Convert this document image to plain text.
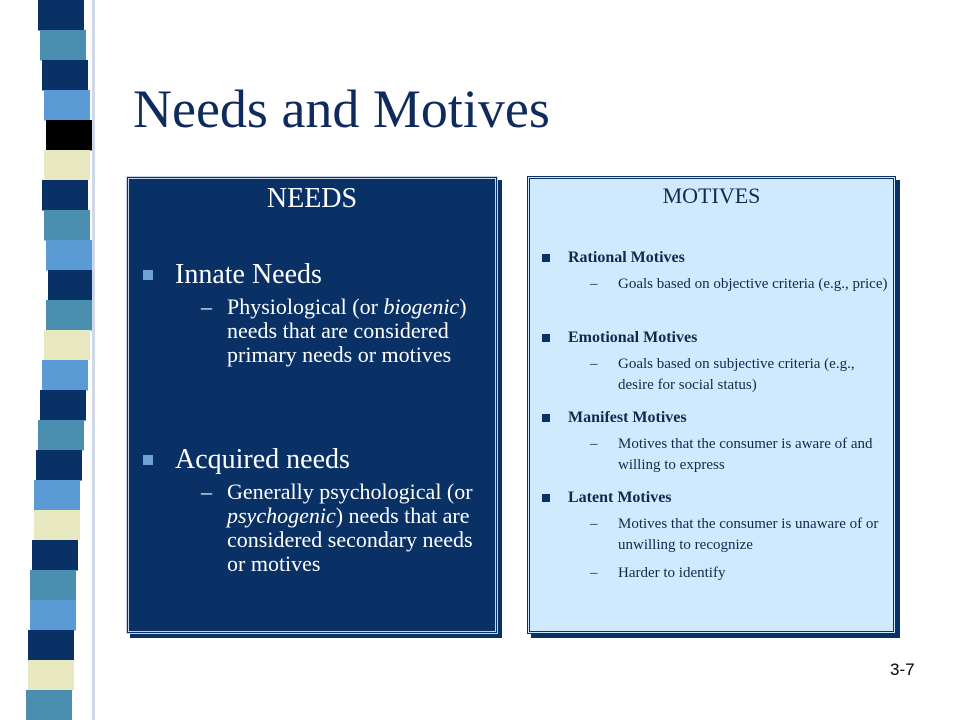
Needs and Motives
NEEDS
Innate Needs
– Physiological (or biogenic) needs that are considered primary needs or motives
Acquired needs
– Generally psychological (or psychogenic) needs that are considered secondary needs or motives
MOTIVES
Rational Motives
–	Goals based on objective criteria (e.g., price)
Emotional Motives
–	Goals based on subjective criteria (e.g., desire for social status)
Manifest Motives
–	Motives that the consumer is aware of and willing to express
Latent Motives
–	Motives that the consumer is unaware of or unwilling to recognize
–	Harder to identify
3-7
